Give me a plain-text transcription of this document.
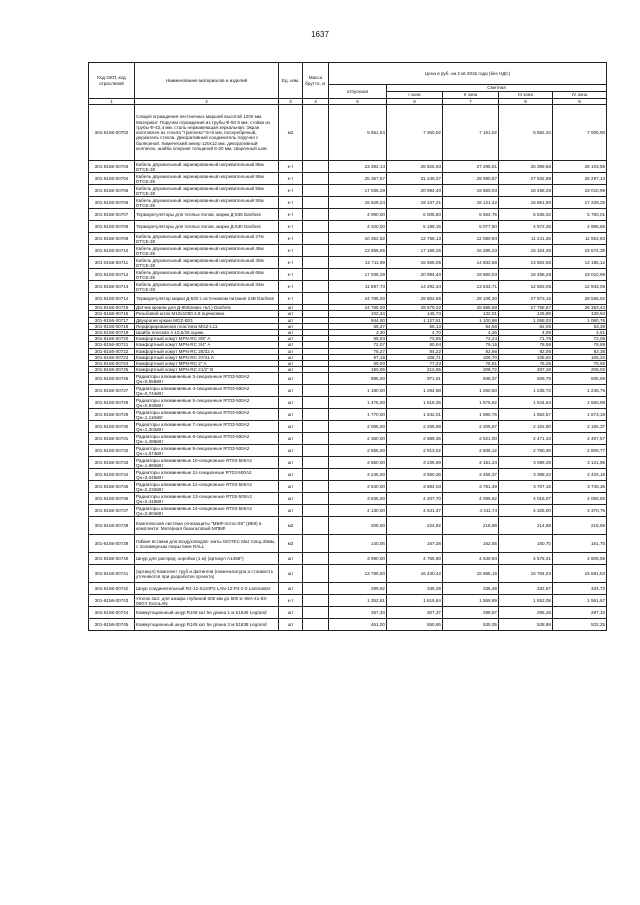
1637
Код ОКП, код отраслевой	Наименование материалов и изделий	Ед. изм.	Масса брутто, кг	Цена в руб. на 2 кв 2015 года (без НДС)				
				отпускная	Сметная			
					I зона	II зона	III зона	IV зона
1	2	3	4	5	6	7	8	9
301-8156-00702	Секция ограждения лестничных маршей высотой 1200 мм. Материал: Поручни ограждения из трубы Ф-50 6 мм, стойки из трубы Ф-42,4 мм. сталь нержавеющая зеркальная. Экран изготовлен из стекла "триплекс"-5+5 мм, посеребреный, держатель стекла. Декоративный соединитель поручня с балясиной. Химический анкер 120х12 мм. декоративный колпачок, шайба опорная толщиной 6-20 мм, сварочный шов.	м2		5 551,54	7 350,02	7 161,02	6 882,34	7 005,90
301-8156-00703	Кабель двухжильный экранированный нагревательный 85м DTCE-30	к-т		23 392,14	28 826,93	27 295,61	25 399,56	26 103,55
301-8156-00704	Кабель двухжильный экранированный нагревательный 95м DTCE-30	к-т		25 357,67	31 249,37	29 590,87	27 532,98	28 297,13
301-8156-00705	Кабель двухжильный экранированный нагревательный 55м DTCE-30	к-т		17 036,29	20 994,40	19 880,03	18 498,28	19 010,99
301-8156-00706	Кабель двухжильный экранированный нагревательный 50м DTCE-30	к-т		15 529,24	19 137,21	18 121,42	16 861,90	17 329,25
301-8156-00707	Терморегуляторы для теплых полов, марки Д-535 Danfoss	к-т		4 990,00	6 005,50	5 664,75	5 535,02	5 780,01
301-8156-00708	Терморегуляторы для теплых полов, марки Д-530 Danfoss	к-т		4 320,00	5 199,15	5 077,50	4 872,28	4 986,65
301-8156-00709	Кабель двухжильный экранированный нагревательный 27м DTCE-30	к-т		10 352,82	12 758,13	12 080,94	11 241,26	11 552,83
301-8156-00710	Кабель двухжильный экранированный нагревательный 45м DTCE-30	к-т		13 956,65	17 199,25	16 286,33	15 154,35	15 574,38
301-8156-00711	Кабель двухжильный экранированный нагревательный 40м DTCE-30	к-т		12 711,69	15 665,05	14 833,56	13 802,56	14 185,12
301-8156-00712	Кабель двухжильный экранированный нагревательный 65м DTCE-30	к-т		17 036,29	20 994,40	19 880,03	18 498,28	19 010,99
301-8156-00713	Кабель двухжильный экранированный нагревательный 34м DTCE-30	к-т		11 597,73	14 292,34	13 533,71	12 593,06	12 942,09
301-8156-00714	Терморегулятор марки Д-530 с источником питания 24В Danfoss	к-т		24 785,00	29 804,66	29 106,30	27 973,16	28 566,52
301-8156-00715	Датчик кровли для Д-850(навн.+вл.) Danfoss	шт		24 785,00	29 579,32	28 885,58	27 756,67	28 353,43
301-8156-00716	Резьбовой шток M10x1000 4.8 оцинкован.	шт		102,34	145,73	132,01	126,89	139,94
301-8156-00717	Двухрогие крюки MGZ-B21	шт		944,00	1 127,51	1 100,98	1 058,03	1 080,76
301-8156-00718	Перфорированная пластина MGZ-L11	шт		55,37	66,13	64,58	62,06	63,39
301-8156-00719	Шайба плоская A 10,5/28 оцинк.	шт		3,30	4,70	4,26	4,09	4,51
301-8156-00720	Комфортный хомут MPN-RC 3/8" A	шт		65,83	73,65	72,24	71,76	72,05
301-8156-00721	Комфортный хомут MPN-RC 3/4" A	шт		72,07	80,84	79,15	78,56	78,89
301-8156-00722	Комфортный хомут MPN-RC 28/32 A	шт		75,27	84,22	82,66	82,06	82,38
301-8156-00723	Комфортный хомут MPN-RC 37/41 A	шт		97,16	108,71	106,70	105,92	106,34
301-8156-00724	Комфортный хомут MPN-RC 2" A	шт		69,00	77,23	75,81	75,25	75,55
301-8156-00725	Комфортный хомут MPN-RC 21/2" B	шт		190,06	212,65	208,72	207,19	208,02
301-8156-00726	Радиаторы алюминиевые 3-секционные RT03-500A2 Qн=0,558кВт	шт		885,00	971,01	948,37	928,79	935,59
301-8156-00727	Радиаторы алюминиевые 4-секционные RT03-500A2 Qн=0,744кВт	шт		1 180,00	1 294,68	1 260,50	1 235,72	1 248,79
301-8156-00728	Радиаторы алюминиевые 5-секционные RT03-500A2 Qн=0,930кВт	шт		1 475,00	1 618,35	1 575,62	1 544,64	1 560,98
301-8156-00729	Радиаторы алюминиевые 6-секционные RT03-500A2 Qн=1,116кВт	шт		1 770,00	1 942,01	1 890,75	1 853,57	1 873,18
301-8156-00730	Радиаторы алюминиевые 7-секционные RT03-500A2 Qн=1,302кВт	шт		2 065,00	2 265,68	2 205,87	2 162,50	2 185,37
301-8156-00731	Радиаторы алюминиевые 8-секционные RT03-500A2 Qн=1,488кВт	шт		2 360,00	2 589,35	2 521,00	2 471,43	2 497,57
301-8156-00732	Радиаторы алюминиевые 9-секционные RT03-500A2 Qн=1,674кВт	шт		2 655,00	2 913,02	2 836,12	2 780,36	2 809,77
301-8156-00733	Радиаторы алюминиевые 10-секционные RT03-500A2 Qн=1,860кВт	шт		2 950,00	3 236,69	3 151,24	3 089,29	3 121,96
301-8156-00734	Радиаторы алюминиевые 11-секционные RT03-500A2 Qн=2,046кВт	шт		3 245,00	3 560,36	3 466,37	3 398,22	3 434,16
301-8156-00735	Радиаторы алюминиевые 12-секционные RT03-500A2 Qн=2,232кВт	шт		3 540,00	3 884,03	3 781,49	3 707,15	3 746,36
301-8156-00736	Радиаторы алюминиевые 13-секционные RT03-500A2 Qн=2,418кВт	шт		3 835,00	4 207,70	4 096,62	4 016,07	4 058,55
301-8156-00737	Радиаторы алюминиевые 14-секционные RT03-500A2 Qн=2,604кВт	шт		4 130,00	4 531,37	4 411,74	4 325,00	4 370,75
301-8156-00738	Комплексная система огнезащиты "МБФ-лотос-60" (ИК6) в комплекте: Материал базальтовый МПБФ	м2		208,00	224,92	218,98	214,68	216,95
301-8156-00739	Гибкие вставки для воздуховодов- маты ISOTEC Mat толщ.30мм, с полимерным покрытием RALL	м2		140,05	167,28	162,55	160,70	161,70
301-8156-00740	Шнур для распред. коробки (1 м) (артикул A1456*)	шт		3 990,00	4 765,90	4 630,94	4 578,41	4 606,59
301-8156-00741	(артикул) Комплект труб и фитингов (номенклатура и стоимость уточняются при разработке проекта)	шт		13 785,50	16 430,42	15 965,15	15 784,03	15 881,53
301-8156-00742	Шнур соединительный RJ-12-S110P2 LAN-12-P2-2.0 Lanmaster	шт		289,92	346,29	336,49	332,67	334,72
301-8156-00743	Уголок 3шт. для шкафа глубиной 600 мм до 500 кг 69A-41-63-08GY EuroLAN	к-т		1 352,61	1 615,64	1 569,89	1 552,08	1 561,67
301-8156-00744	Коммутационный шнур RJ45 кат 5е длина 1 м 51636 Legrand	шт		257,33	307,37	298,67	295,28	297,10
301-8156-00745	Коммутационный шнур RJ45 кат 5е длина 3 м 51638 Legrand	шт		461,00	550,65	535,05	528,98	532,25
